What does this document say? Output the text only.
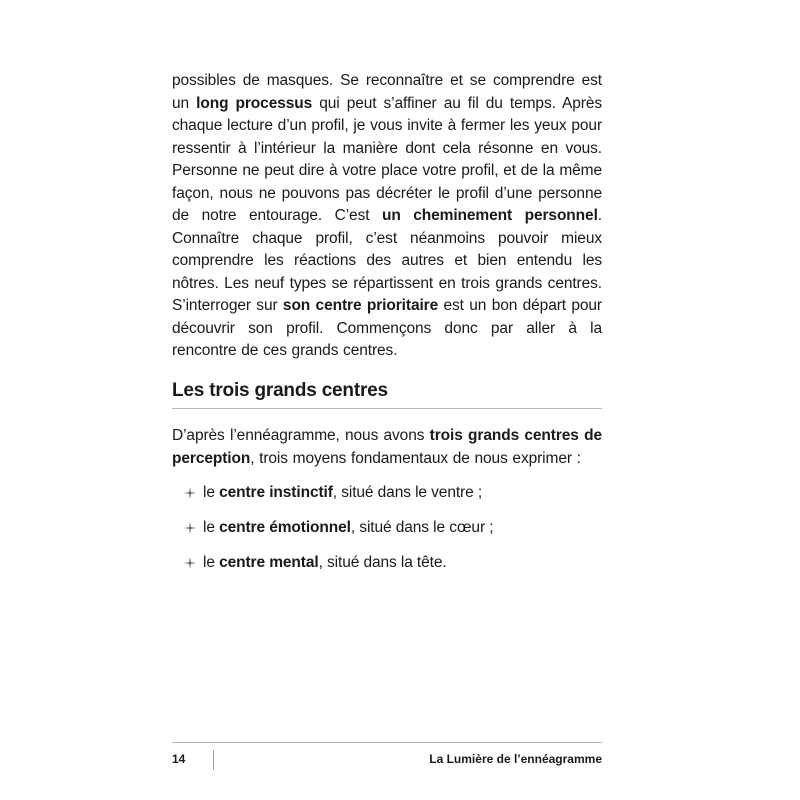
possibles de masques. Se reconnaître et se comprendre est un long processus qui peut s’affiner au fil du temps. Après chaque lecture d’un profil, je vous invite à fermer les yeux pour ressentir à l’intérieur la manière dont cela résonne en vous. Personne ne peut dire à votre place votre profil, et de la même façon, nous ne pouvons pas décréter le profil d’une personne de notre entourage. C’est un cheminement personnel. Connaître chaque profil, c’est néanmoins pouvoir mieux comprendre les réactions des autres et bien entendu les nôtres. Les neuf types se répartissent en trois grands centres. S’interroger sur son centre prioritaire est un bon départ pour découvrir son profil. Commençons donc par aller à la rencontre de ces grands centres.

Les trois grands centres

D’après l’ennéagramme, nous avons trois grands centres de perception, trois moyens fondamentaux de nous exprimer :

le centre instinctif, situé dans le ventre ;
le centre émotionnel, situé dans le cœur ;
le centre mental, situé dans la tête.
14	La Lumière de l’ennéagramme
